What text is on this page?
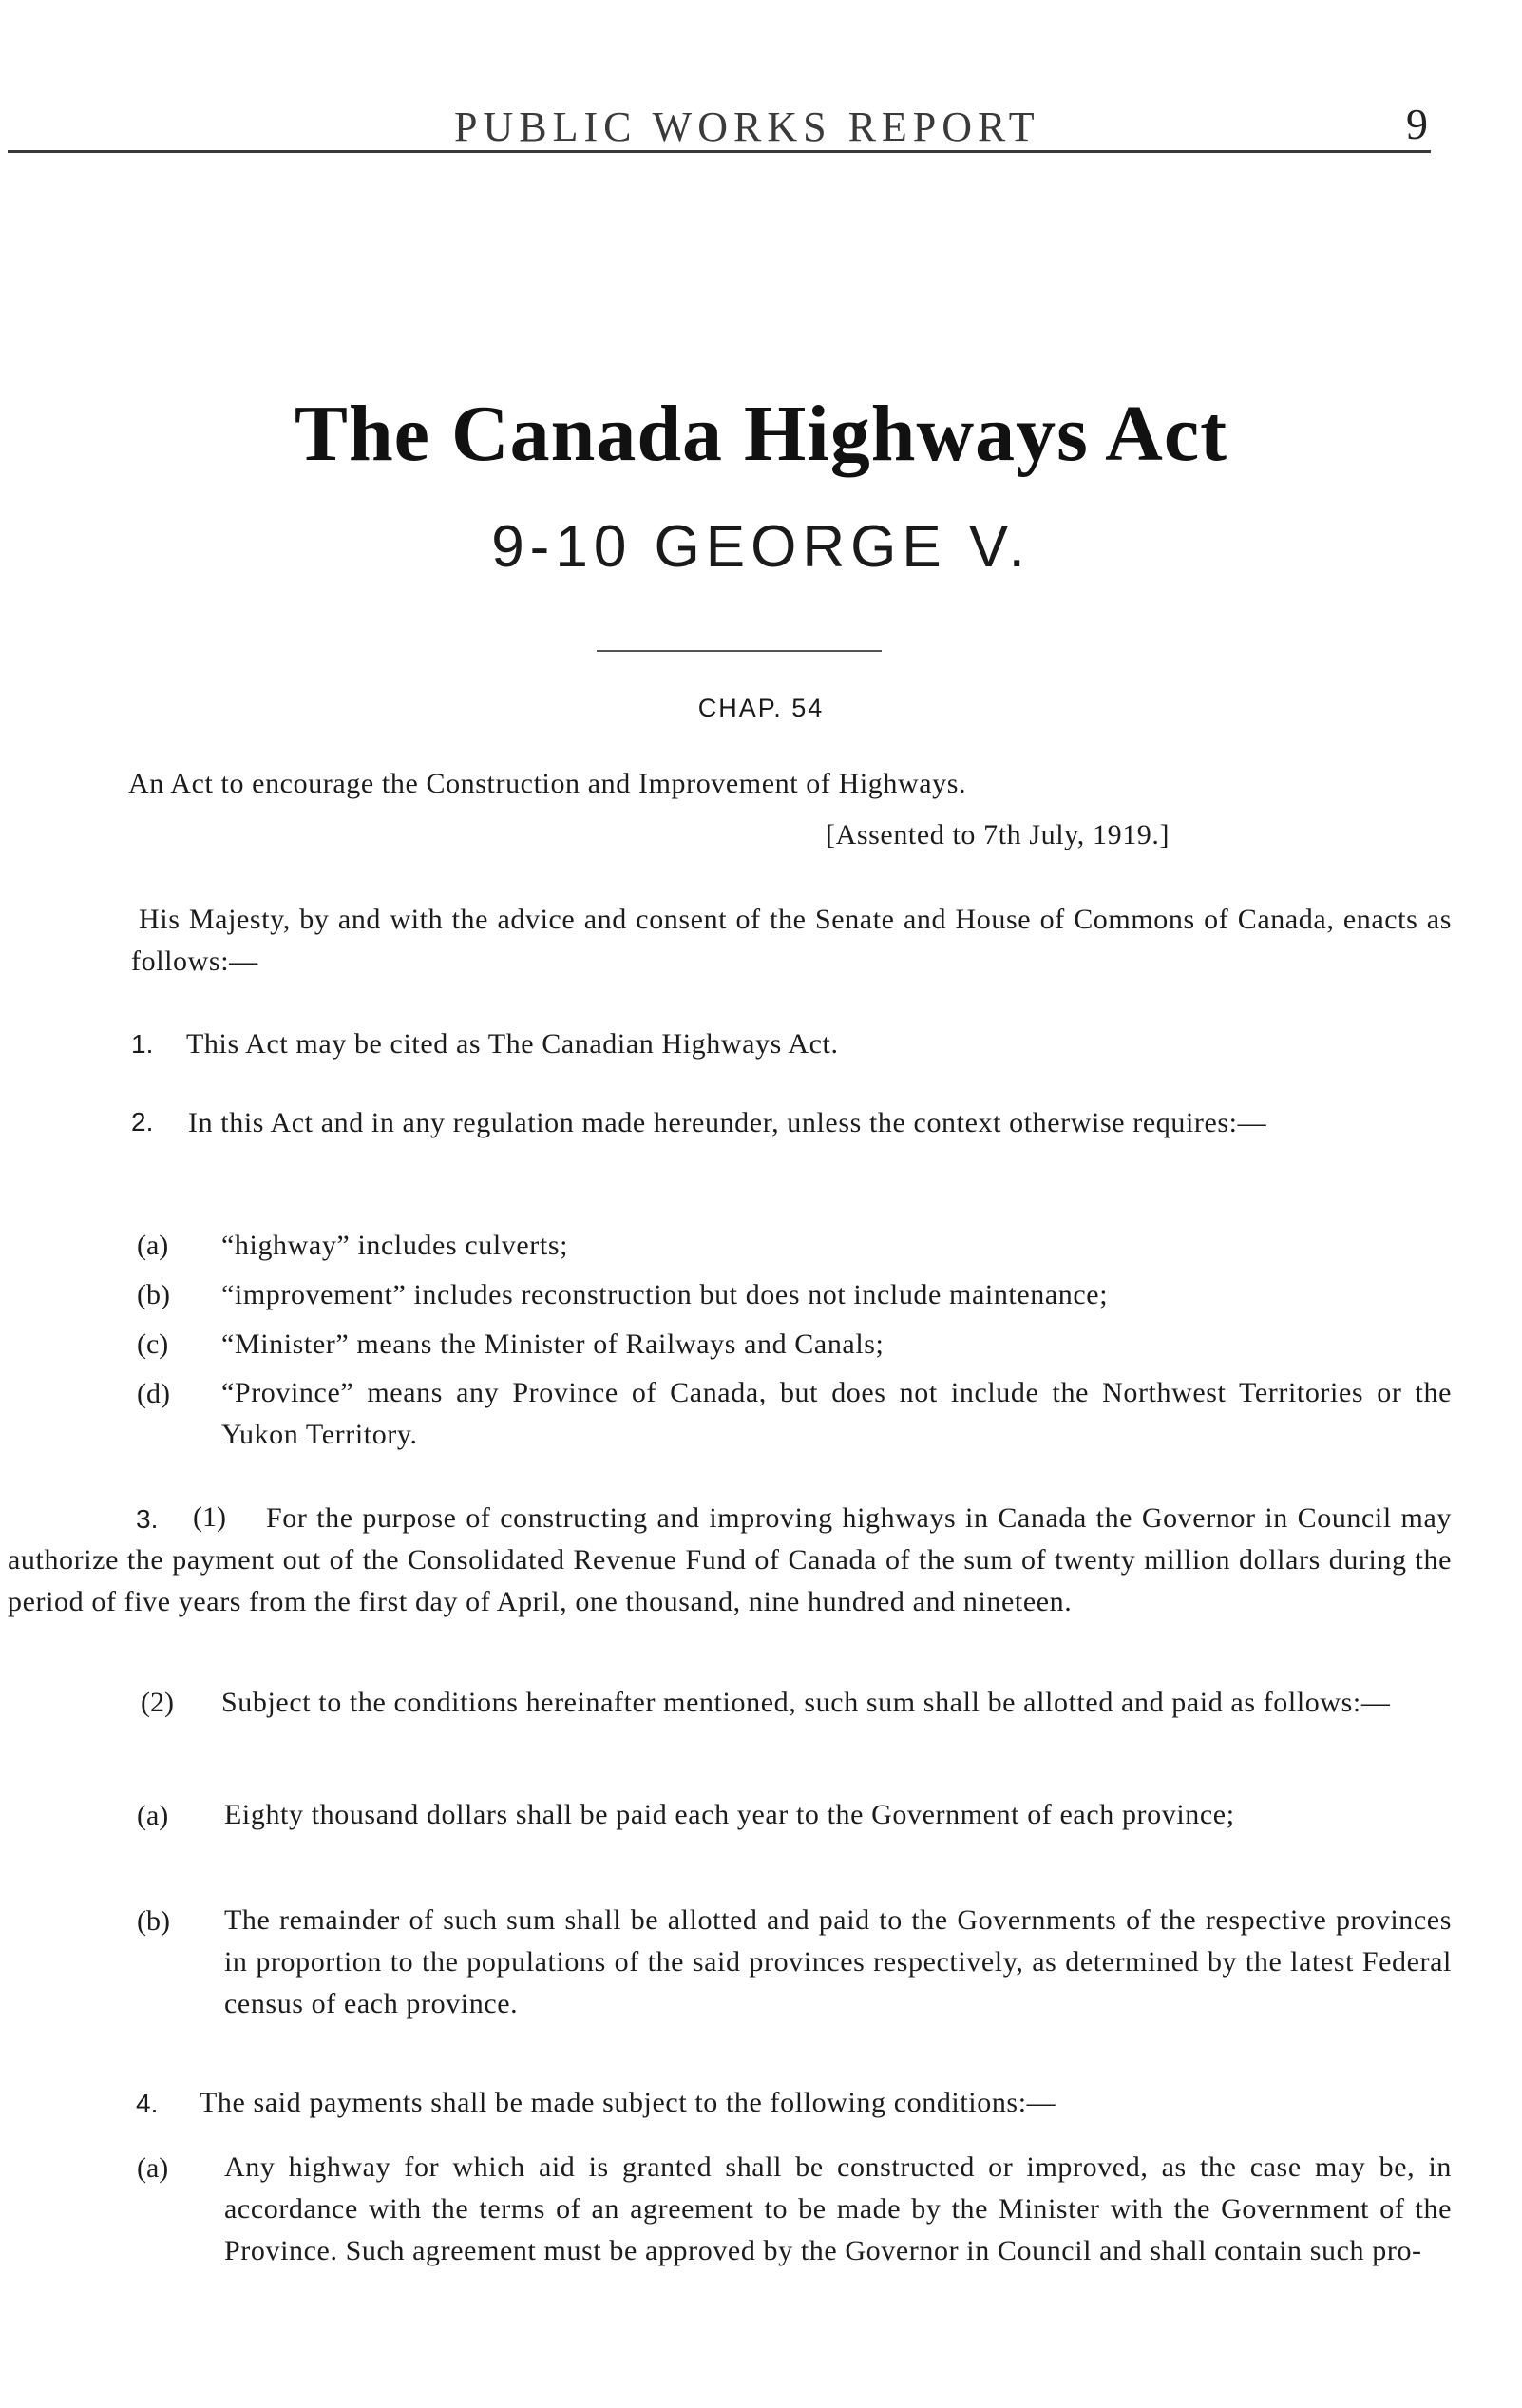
PUBLIC WORKS REPORT	9
The Canada Highways Act
9-10 GEORGE V.
CHAP. 54
An Act to encourage the Construction and Improvement of Highways.
[Assented to 7th July, 1919.]

His Majesty, by and with the advice and consent of the Senate and House of Commons of Canada, enacts as follows:—

1. This Act may be cited as The Canadian Highways Act.
2.	In this Act and in any regulation made hereunder, unless the context otherwise requires:—

(a) “highway” includes culverts;
(b) “improvement” includes reconstruction but does not include maintenance;
(c) “Minister” means the Minister of Railways and Canals;
(d) “Province” means any Province of Canada, but does not include the Northwest Territories or the Yukon Territory.

3. (1)	For the purpose of constructing and improving highways in Canada the Governor in Council may authorize the payment out of the Consolidated Revenue Fund of Canada of the sum of twenty million dollars during the period of five years from the first day of April, one thousand, nine hundred and nineteen.

(2)	Subject to the conditions hereinafter mentioned, such sum shall be allotted and paid as follows:—

(a) Eighty thousand dollars shall be paid each year to the Government of each province;

(b) The remainder of such sum shall be allotted and paid to the Governments of the respective provinces in proportion to the populations of the said provinces respectively, as determined by the latest Federal census of each province.

4. The said payments shall be made subject to the following conditions:—
(a) Any highway for which aid is granted shall be constructed or improved, as the case may be, in accordance with the terms of an agreement to be made by the Minister with the Government of the Province. Such agreement must be approved by the Governor in Council and shall contain such pro-
